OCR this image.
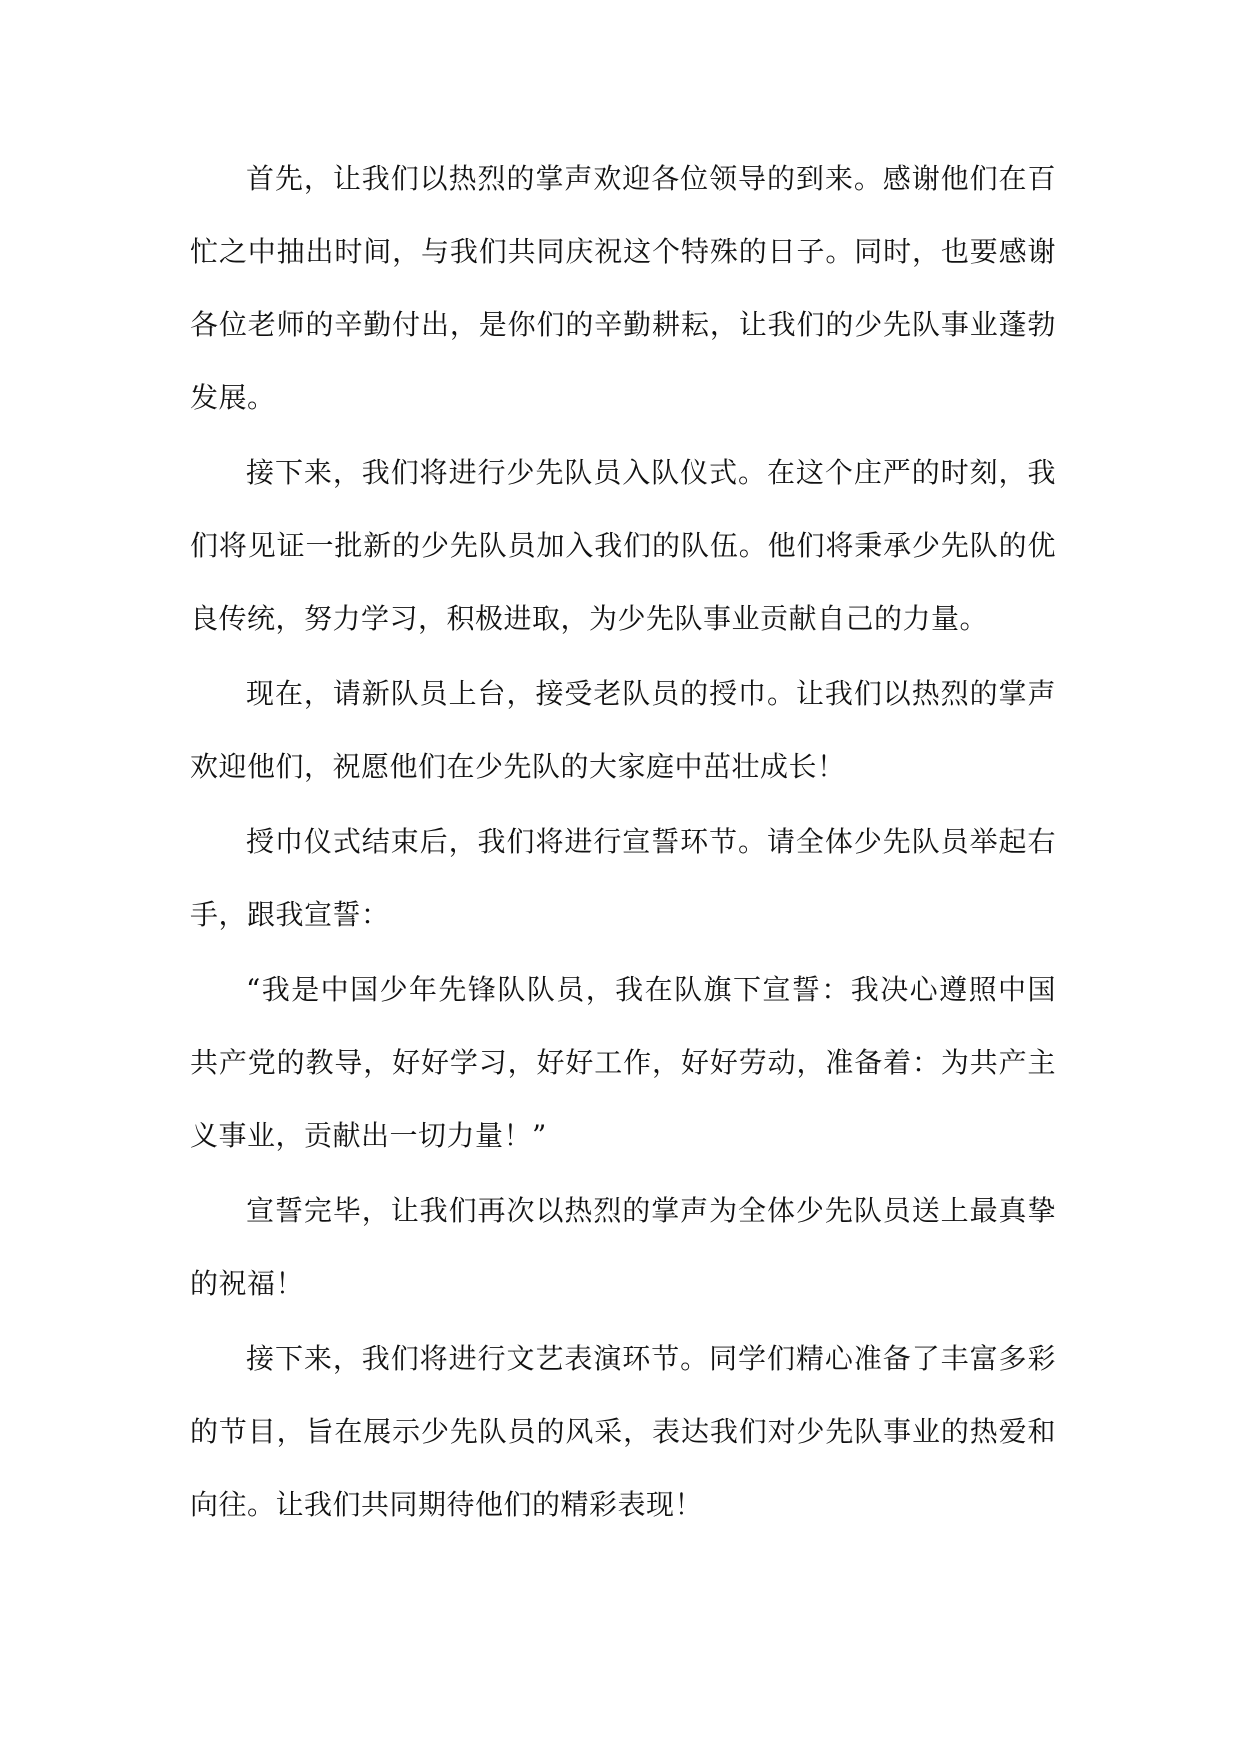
首先，让我们以热烈的掌声欢迎各位领导的到来。感谢他们在百忙之中抽出时间，与我们共同庆祝这个特殊的日子。同时，也要感谢各位老师的辛勤付出，是你们的辛勤耕耘，让我们的少先队事业蓬勃发展。

接下来，我们将进行少先队员入队仪式。在这个庄严的时刻，我们将见证一批新的少先队员加入我们的队伍。他们将秉承少先队的优良传统，努力学习，积极进取，为少先队事业贡献自己的力量。

现在，请新队员上台，接受老队员的授巾。让我们以热烈的掌声欢迎他们，祝愿他们在少先队的大家庭中茁壮成长！

授巾仪式结束后，我们将进行宣誓环节。请全体少先队员举起右手，跟我宣誓：

“我是中国少年先锋队队员，我在队旗下宣誓：我决心遵照中国共产党的教导，好好学习，好好工作，好好劳动，准备着：为共产主义事业，贡献出一切力量！”

宣誓完毕，让我们再次以热烈的掌声为全体少先队员送上最真挚的祝福！

接下来，我们将进行文艺表演环节。同学们精心准备了丰富多彩的节目，旨在展示少先队员的风采，表达我们对少先队事业的热爱和向往。让我们共同期待他们的精彩表现！
